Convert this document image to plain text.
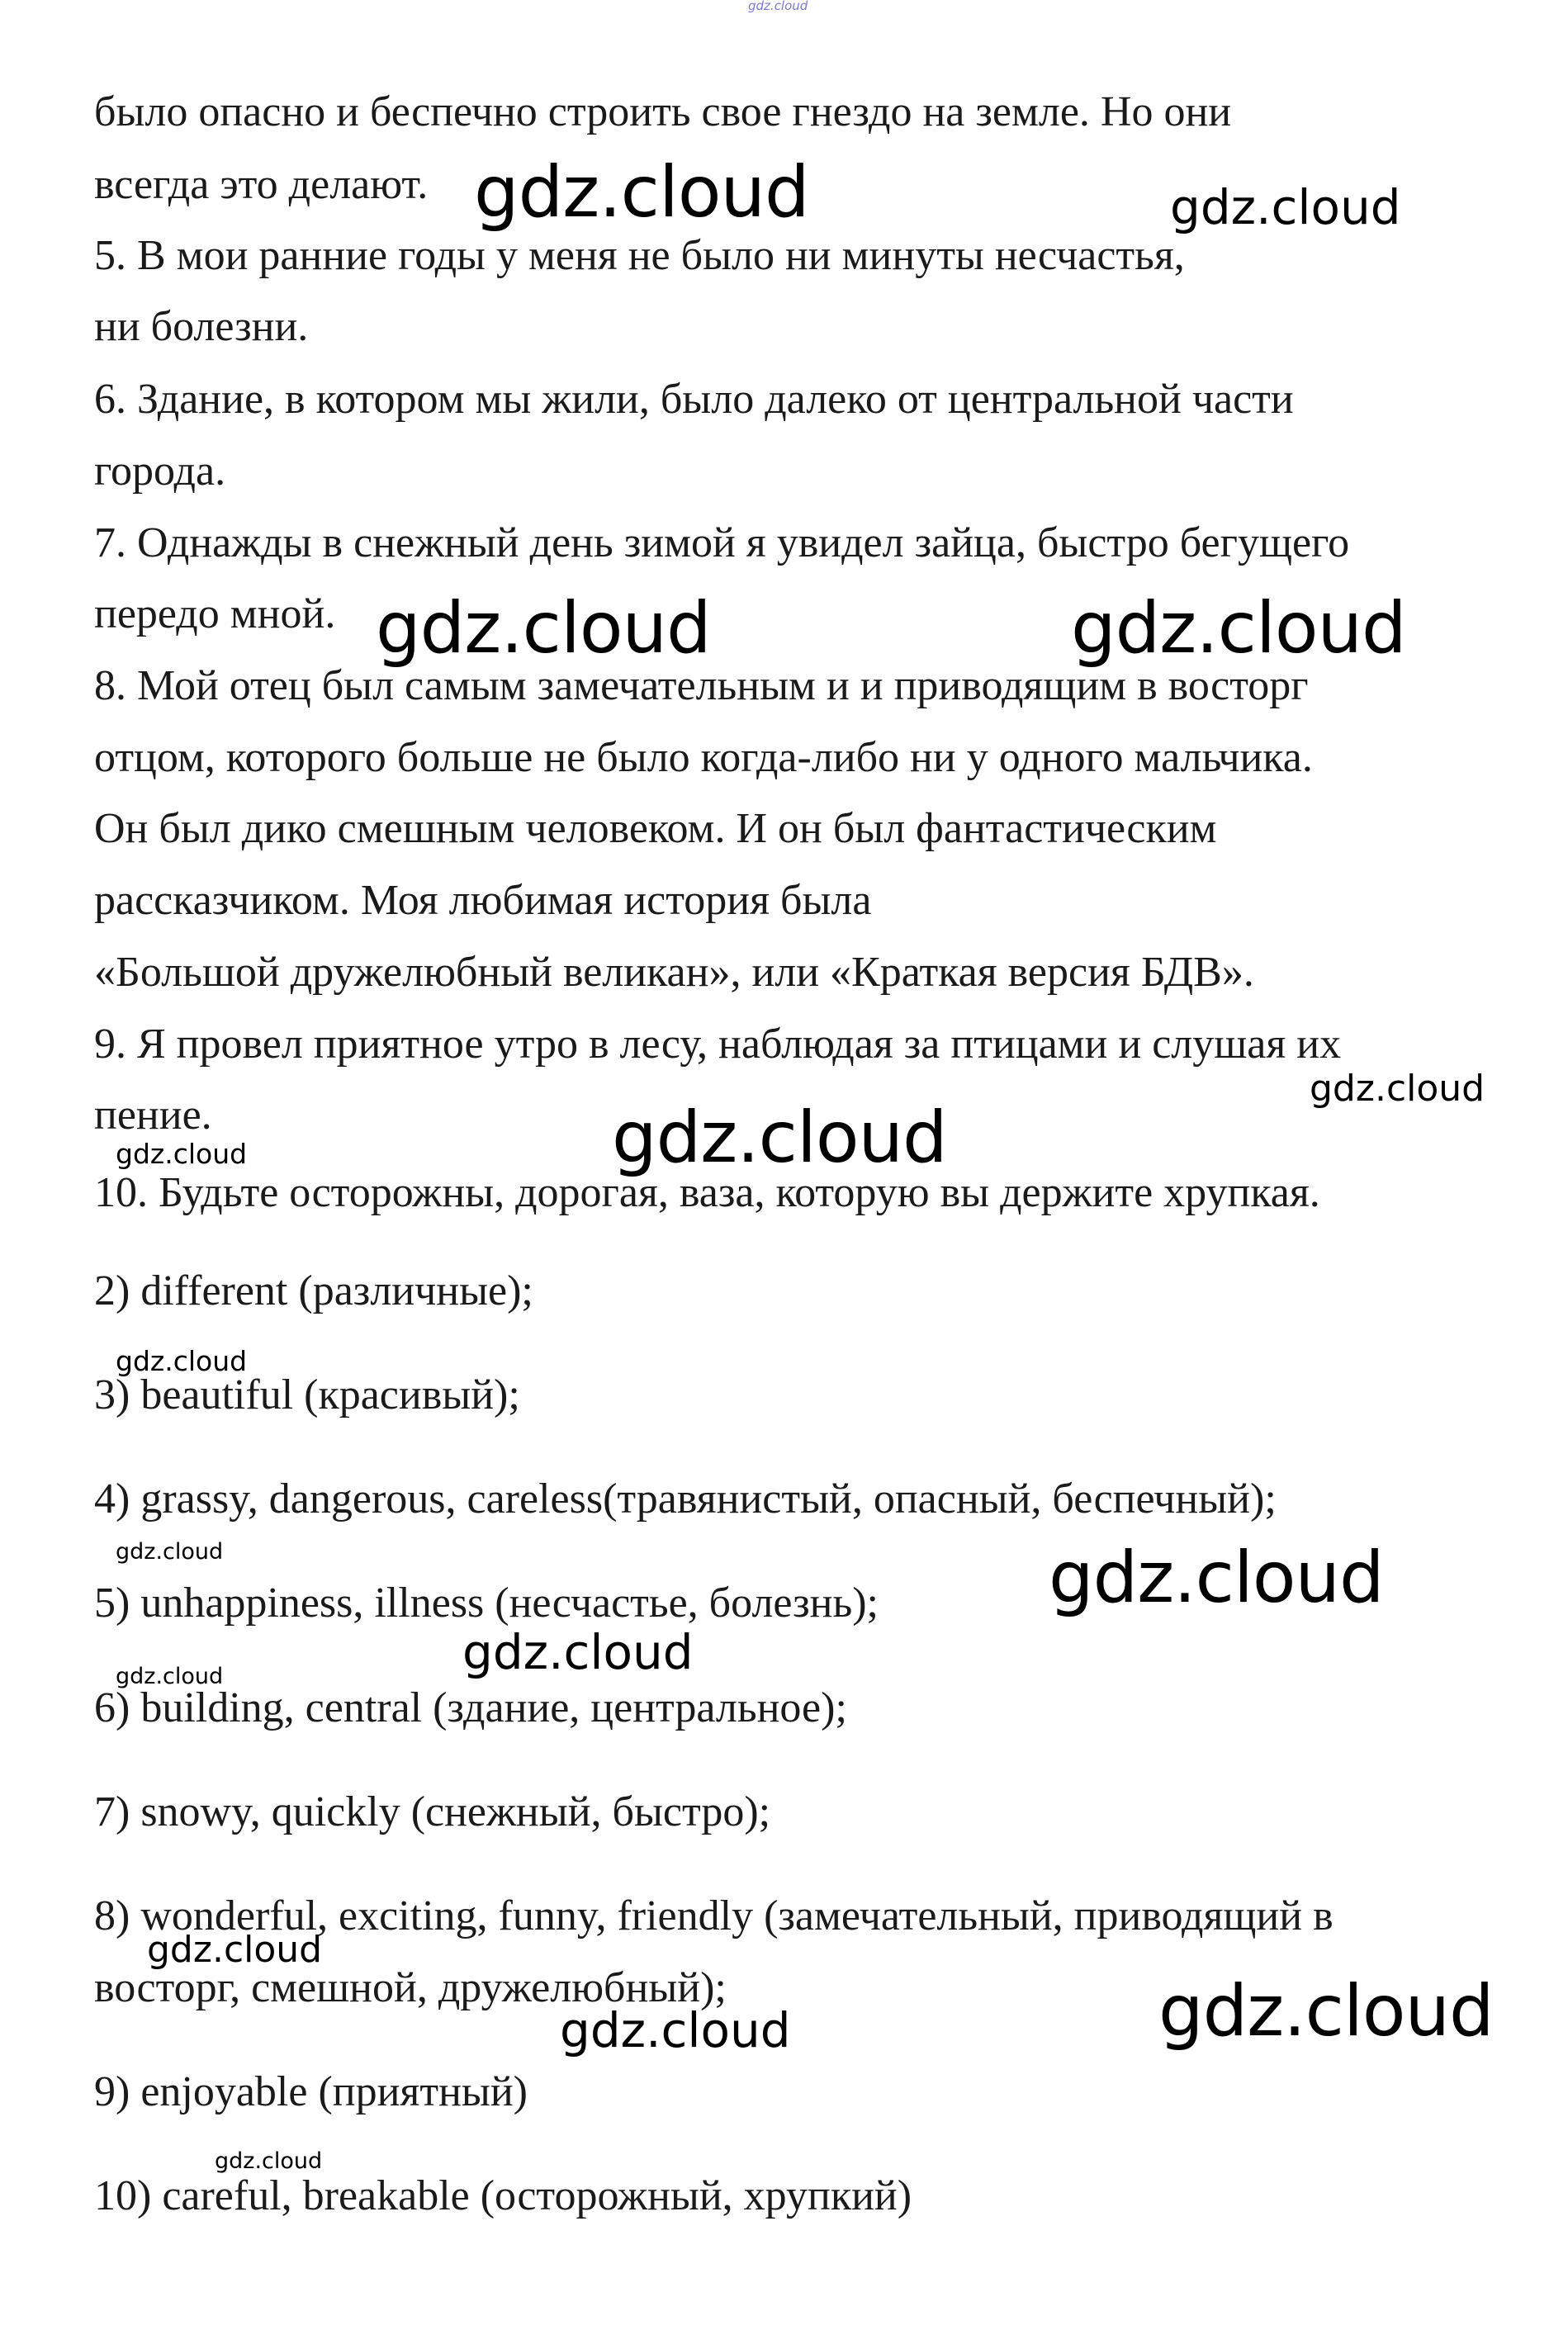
gdz.cloud

было опасно и беспечно строить свое гнездо на земле. Но они

всегда это делают.

5. В мои ранние годы у меня не было ни минуты несчастья,

ни болезни.

6. Здание, в котором мы жили, было далеко от центральной части

города.

7. Однажды в снежный день зимой я увидел зайца, быстро бегущего

передо мной.

8. Мой отец был самым замечательным и и приводящим в восторг

отцом, которого больше не было когда-либо ни у одного мальчика.

Он был дико смешным человеком. И он был фантастическим

рассказчиком. Моя любимая история была

«Большой дружелюбный великан», или «Краткая версия БДВ».

9. Я провел приятное утро в лесу, наблюдая за птицами и слушая их

пение.

10. Будьте осторожны, дорогая, ваза, которую вы держите хрупкая.

2) different (различные);

3) beautiful (красивый);

4) grassy, dangerous, careless(травянистый, опасный, беспечный);

5) unhappiness, illness (несчастье, болезнь);

6) building, central (здание, центральное);

7) snowy, quickly (снежный, быстро);

8) wonderful, exciting, funny, friendly (замечательный, приводящий в

восторг, смешной, дружелюбный);

9) enjoyable (приятный)

10) careful, breakable (осторожный, хрупкий)

gdz.cloud	gdz.cloud

gdz.cloud	gdz.cloud

gdz.cloud

gdz.cloud

gdz.cloud

gdz.cloud

gdz.cloud

gdz.cloud

gdz.cloud

gdz.cloud

gdz.cloud

gdz.cloud	gdz.cloud

gdz.cloud
